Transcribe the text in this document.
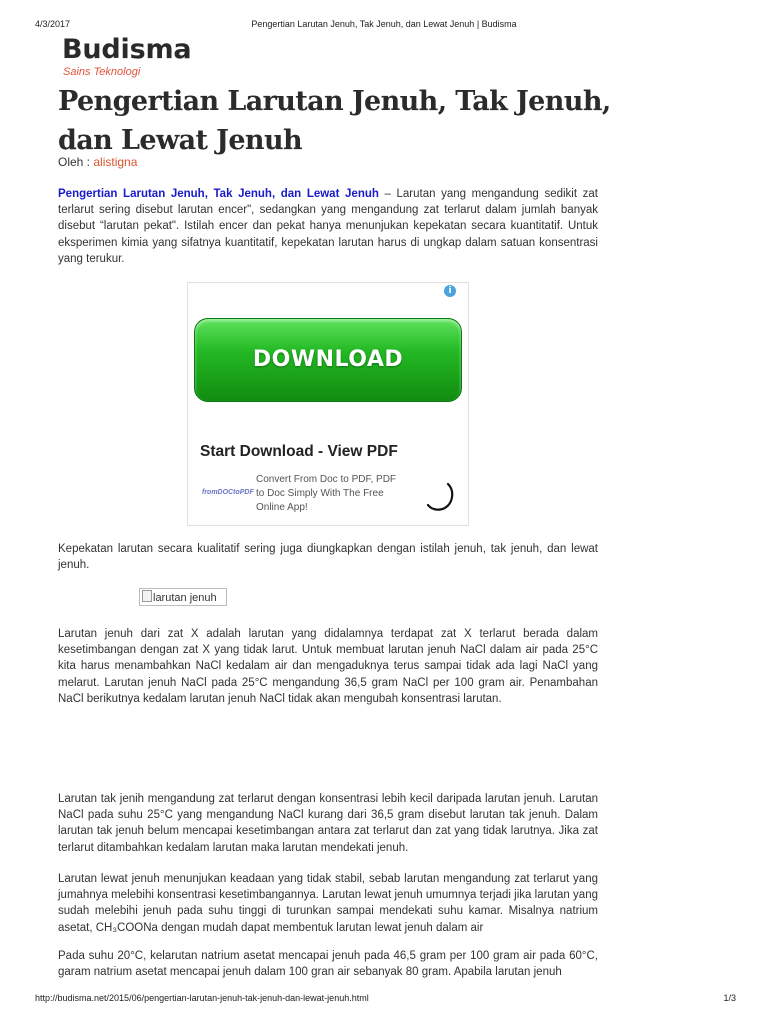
4/3/2017	Pengertian Larutan Jenuh, Tak Jenuh, dan Lewat Jenuh | Budisma
Budisma
Sains Teknologi
Pengertian Larutan Jenuh, Tak Jenuh, dan Lewat Jenuh
Oleh : alistigna

Pengertian Larutan Jenuh, Tak Jenuh, dan Lewat Jenuh – Larutan yang mengandung sedikit zat terlarut sering disebut larutan encer", sedangkan yang mengandung zat terlarut dalam jumlah banyak disebut “larutan pekat". Istilah encer dan pekat hanya menunjukan kepekatan secara kuantitatif. Untuk eksperimen kimia yang sifatnya kuantitatif, kepekatan larutan harus di ungkap dalam satuan konsentrasi yang terukur.

i
DOWNLOAD
Start Download - View PDF
fromDOCtoPDF
Convert From Doc to PDF, PDF to Doc Simply With The Free Online App!

Kepekatan larutan secara kualitatif sering juga diungkapkan dengan istilah jenuh, tak jenuh, dan lewat jenuh.

larutan jenuh

Larutan jenuh dari zat X adalah larutan yang didalamnya terdapat zat X terlarut berada dalam kesetimbangan dengan zat X yang tidak larut. Untuk membuat larutan jenuh NaCl dalam air pada 25°C kita harus menambahkan NaCl kedalam air dan mengaduknya terus sampai tidak ada lagi NaCl yang melarut. Larutan jenuh NaCl pada 25°C mengandung 36,5 gram NaCl per 100 gram air. Penambahan NaCl berikutnya kedalam larutan jenuh NaCl tidak akan mengubah konsentrasi larutan.

Larutan tak jenih mengandung zat terlarut dengan konsentrasi lebih kecil daripada larutan jenuh. Larutan NaCl pada suhu 25°C yang mengandung NaCl kurang dari 36,5 gram disebut larutan tak jenuh. Dalam larutan tak jenuh belum mencapai kesetimbangan antara zat terlarut dan zat yang tidak larutnya. Jika zat terlarut ditambahkan kedalam larutan maka larutan mendekati jenuh.

Larutan lewat jenuh menunjukan keadaan yang tidak stabil, sebab larutan mengandung zat terlarut yang jumahnya melebihi konsentrasi kesetimbangannya. Larutan lewat jenuh umumnya terjadi jika larutan yang sudah melebihi jenuh pada suhu tinggi di turunkan sampai mendekati suhu kamar. Misalnya natrium asetat, CH₃COONa dengan mudah dapat membentuk larutan lewat jenuh dalam air

Pada suhu 20°C, kelarutan natrium asetat mencapai jenuh pada 46,5 gram per 100 gram air pada 60°C, garam natrium asetat mencapai jenuh dalam 100 gran air sebanyak 80 gram. Apabila larutan jenuh

http://budisma.net/2015/06/pengertian-larutan-jenuh-tak-jenuh-dan-lewat-jenuh.html	1/3
